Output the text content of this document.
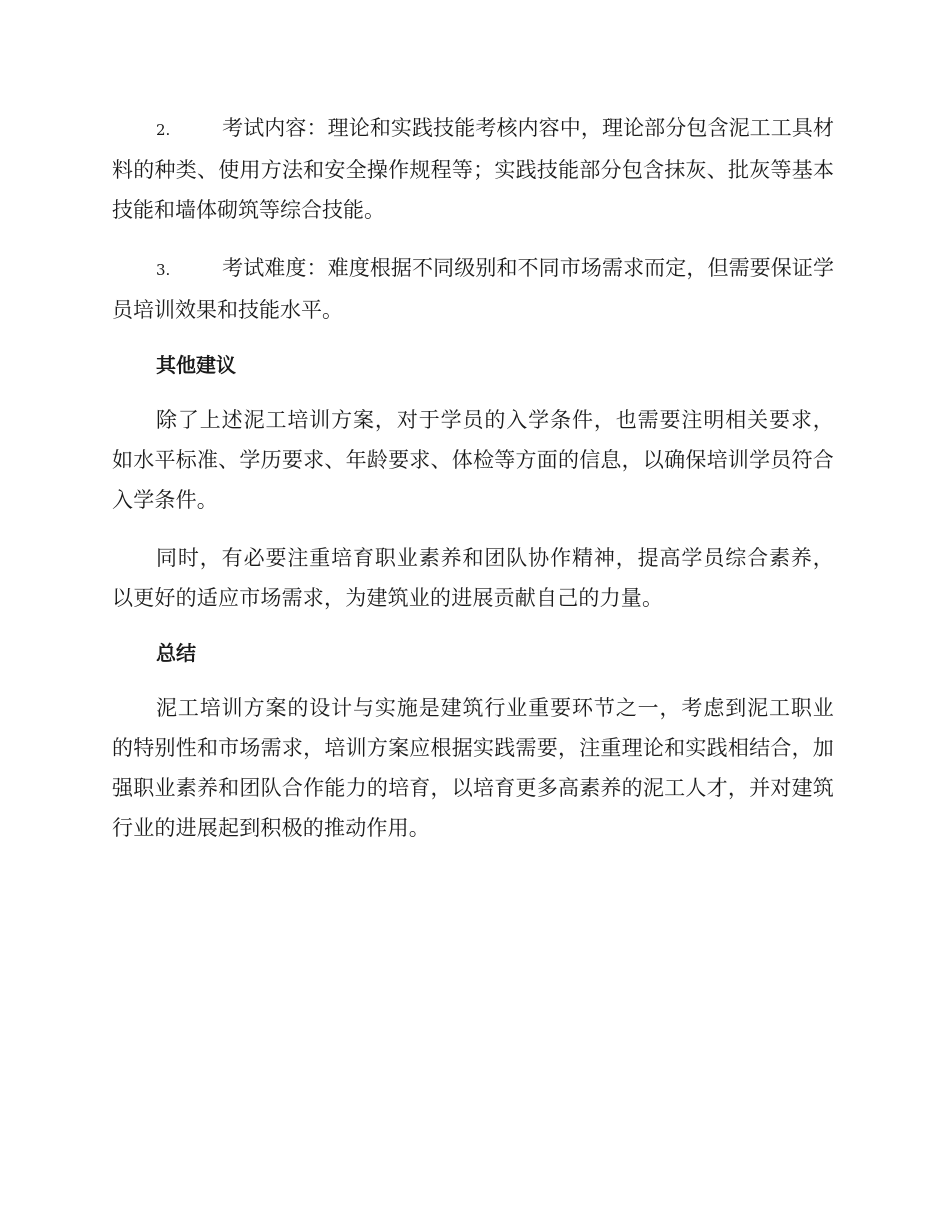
2. 考试内容：理论和实践技能考核内容中，理论部分包含泥工工具材料的种类、使用方法和安全操作规程等；实践技能部分包含抹灰、批灰等基本技能和墙体砌筑等综合技能。

3. 考试难度：难度根据不同级别和不同市场需求而定，但需要保证学员培训效果和技能水平。

其他建议

除了上述泥工培训方案，对于学员的入学条件，也需要注明相关要求，如水平标准、学历要求、年龄要求、体检等方面的信息，以确保培训学员符合入学条件。

同时，有必要注重培育职业素养和团队协作精神，提高学员综合素养，以更好的适应市场需求，为建筑业的进展贡献自己的力量。

总结

泥工培训方案的设计与实施是建筑行业重要环节之一，考虑到泥工职业的特别性和市场需求，培训方案应根据实践需要，注重理论和实践相结合，加强职业素养和团队合作能力的培育，以培育更多高素养的泥工人才，并对建筑行业的进展起到积极的推动作用。
